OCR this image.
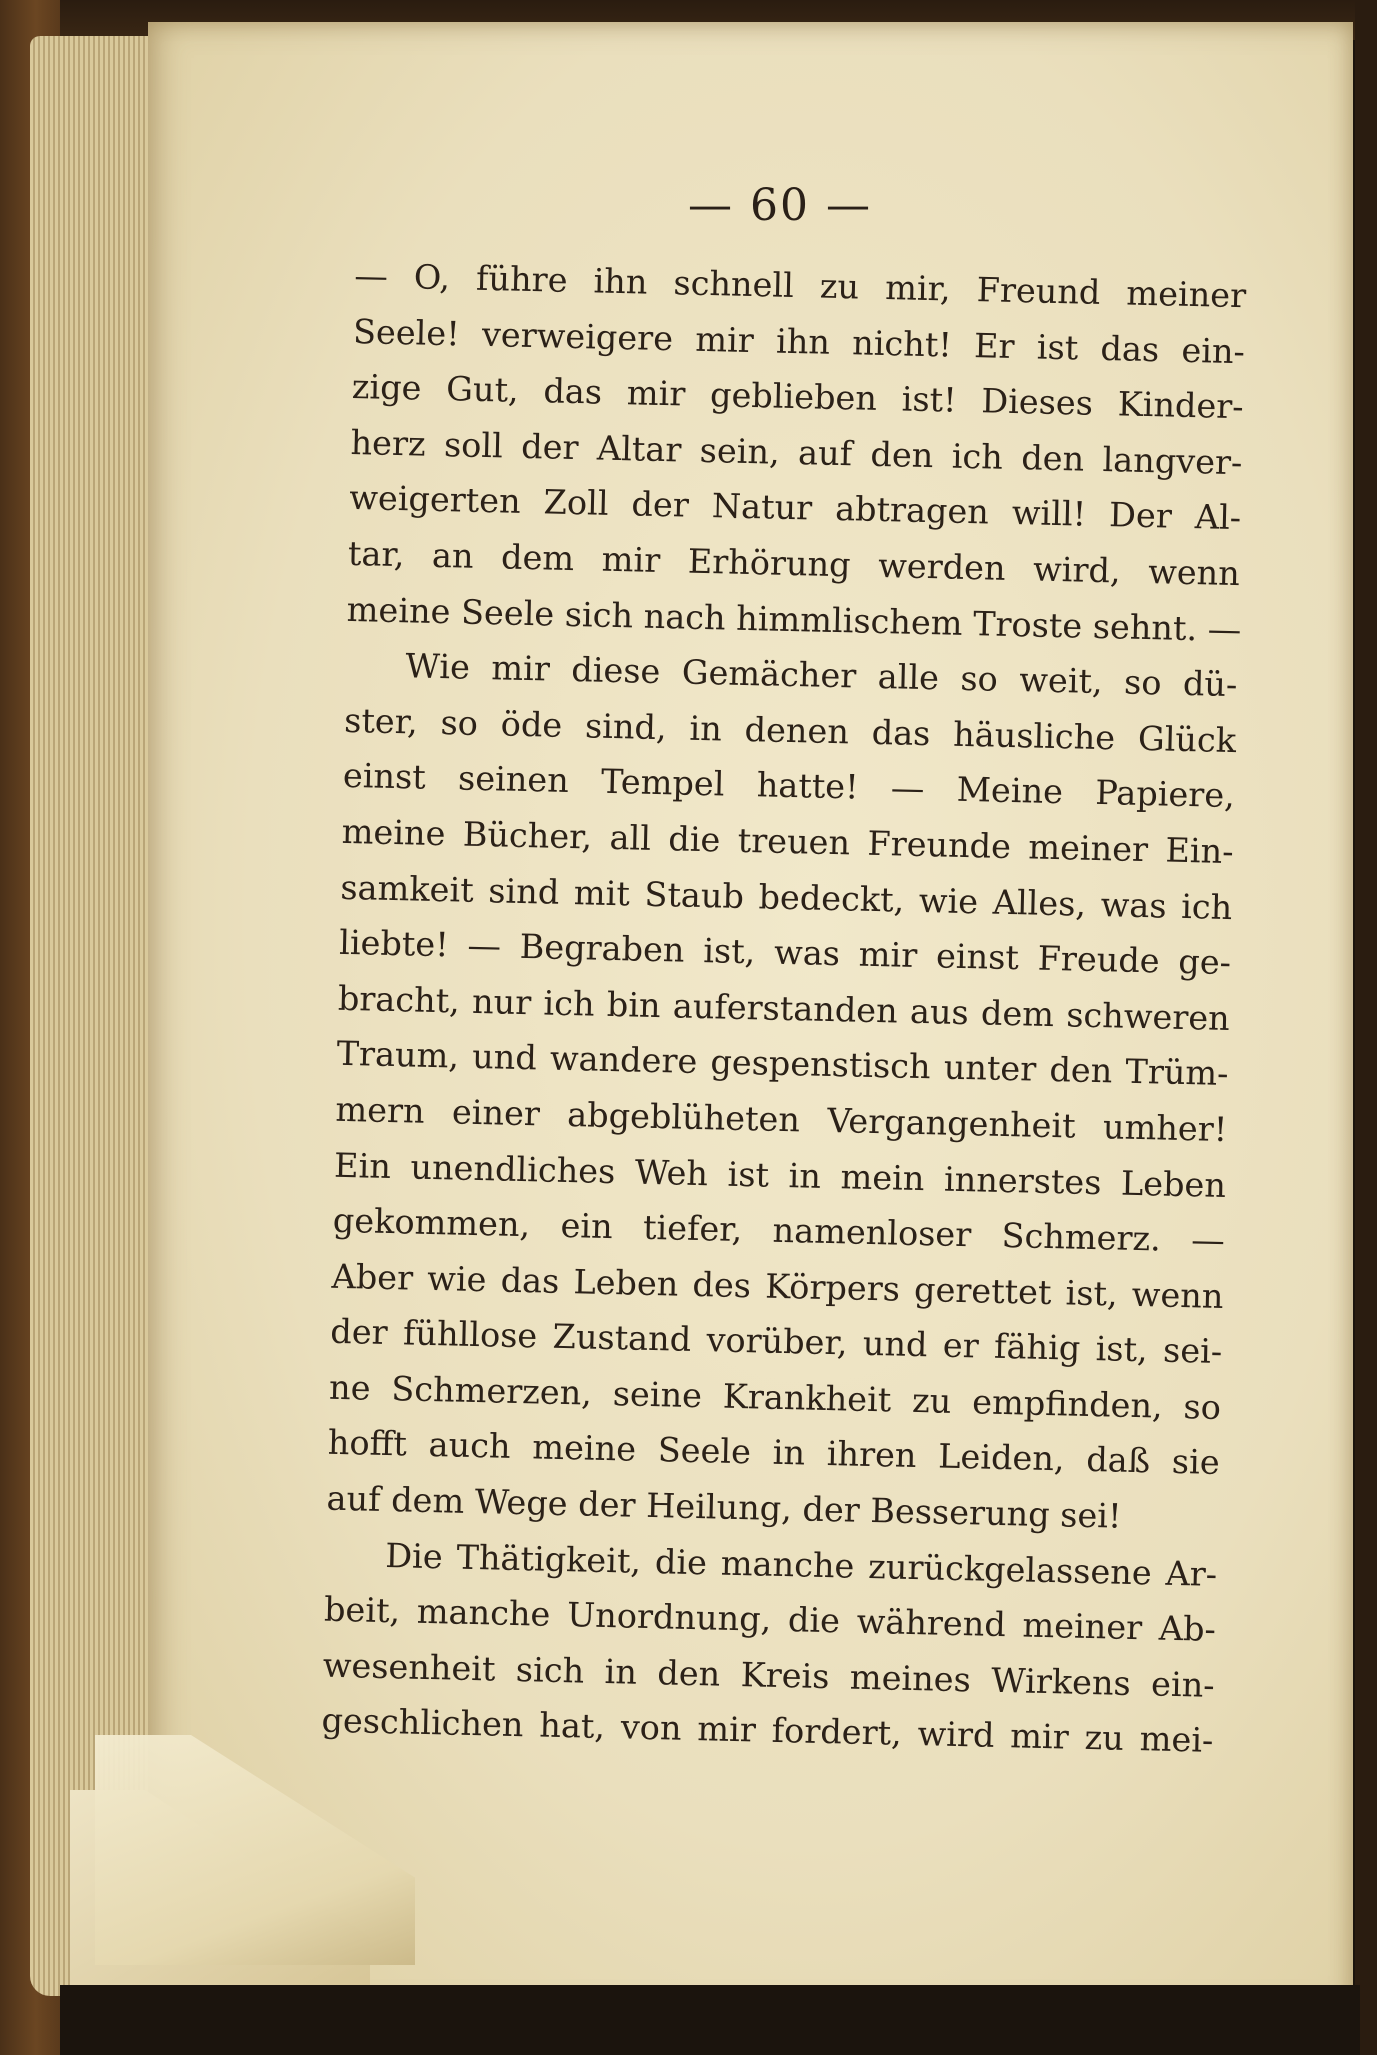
— 60 —
— O, führe ihn schnell zu mir, Freund meiner
Seele! verweigere mir ihn nicht! Er ist das ein-
zige Gut, das mir geblieben ist! Dieses Kinder-
herz soll der Altar sein, auf den ich den langver-
weigerten Zoll der Natur abtragen will! Der Al-
tar, an dem mir Erhörung werden wird, wenn
meine Seele sich nach himmlischem Troste sehnt. —
Wie mir diese Gemächer alle so weit, so dü-
ster, so öde sind, in denen das häusliche Glück
einst seinen Tempel hatte! — Meine Papiere,
meine Bücher, all die treuen Freunde meiner Ein-
samkeit sind mit Staub bedeckt, wie Alles, was ich
liebte! — Begraben ist, was mir einst Freude ge-
bracht, nur ich bin auferstanden aus dem schweren
Traum, und wandere gespenstisch unter den Trüm-
mern einer abgeblüheten Vergangenheit umher!
Ein unendliches Weh ist in mein innerstes Leben
gekommen, ein tiefer, namenloser Schmerz. —
Aber wie das Leben des Körpers gerettet ist, wenn
der fühllose Zustand vorüber, und er fähig ist, sei-
ne Schmerzen, seine Krankheit zu empfinden, so
hofft auch meine Seele in ihren Leiden, daß sie
auf dem Wege der Heilung, der Besserung sei!
Die Thätigkeit, die manche zurückgelassene Ar-
beit, manche Unordnung, die während meiner Ab-
wesenheit sich in den Kreis meines Wirkens ein-
geschlichen hat, von mir fordert, wird mir zu mei-
